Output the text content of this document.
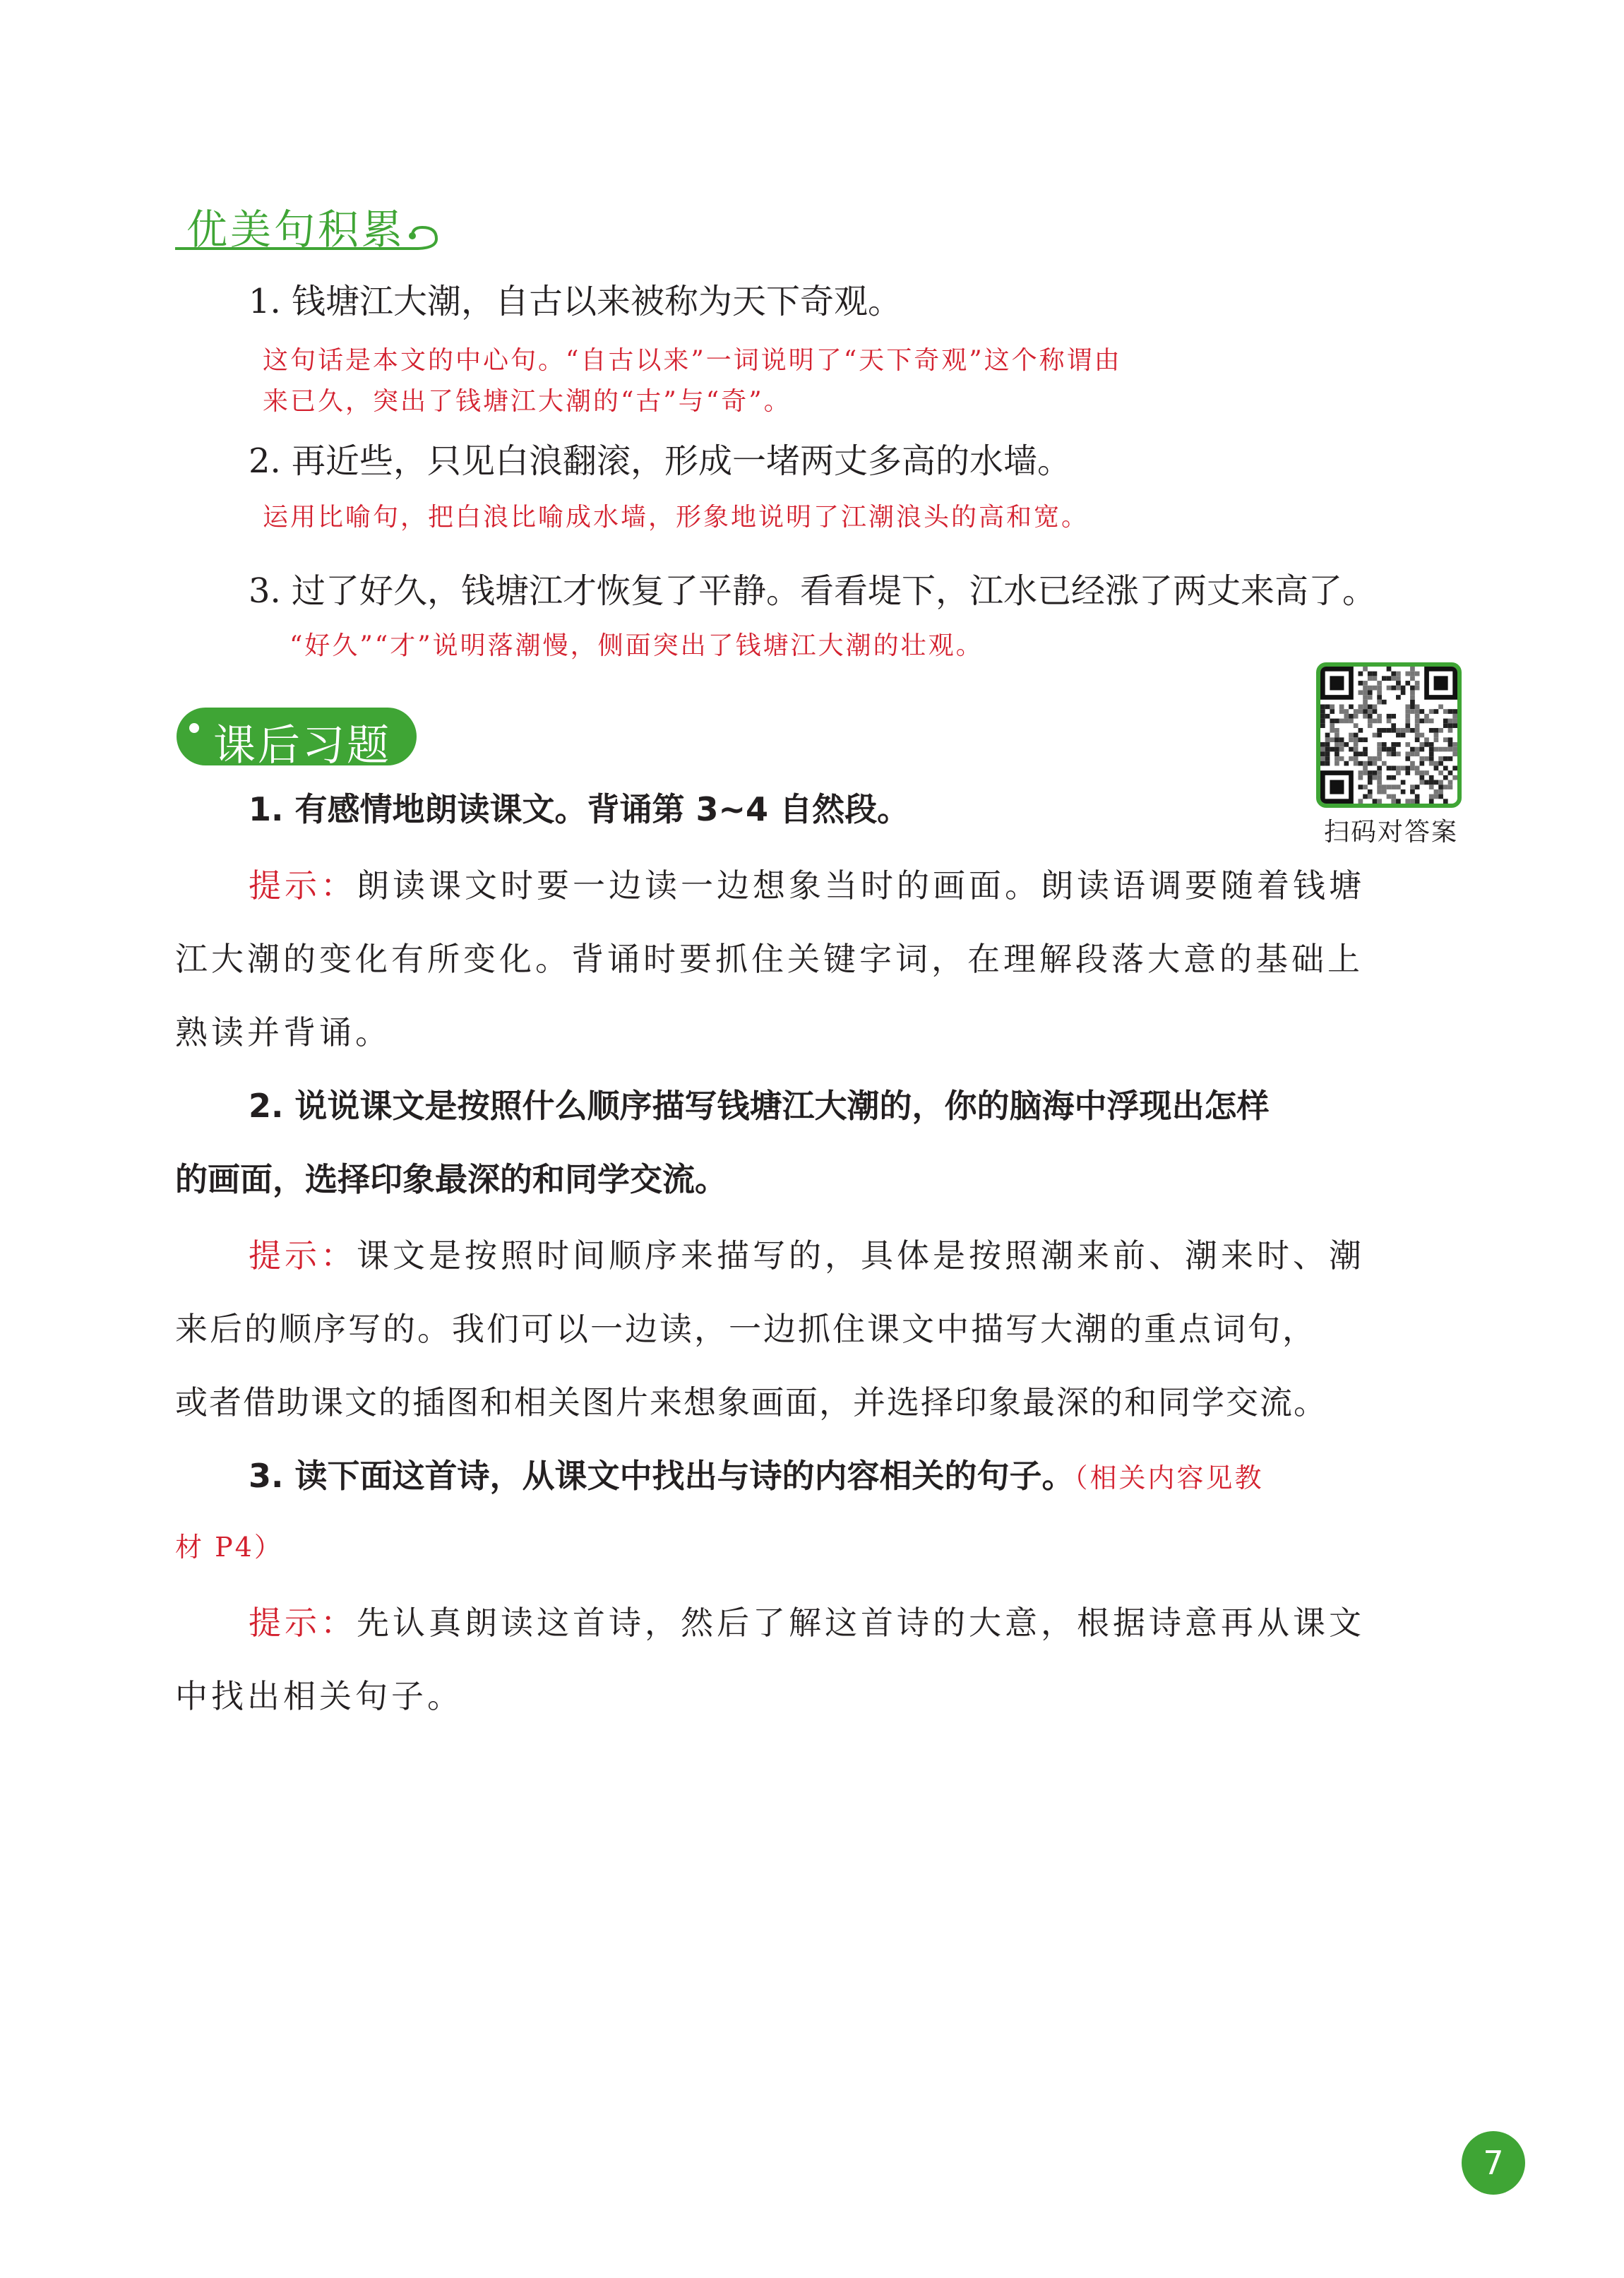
优美句积累
1. 钱塘江大潮，自古以来被称为天下奇观。
这句话是本文的中心句。“自古以来”一词说明了“天下奇观”这个称谓由
来已久，突出了钱塘江大潮的“古”与“奇”。
2. 再近些，只见白浪翻滚，形成一堵两丈多高的水墙。
运用比喻句，把白浪比喻成水墙，形象地说明了江潮浪头的高和宽。
3. 过了好久，钱塘江才恢复了平静。看看堤下，江水已经涨了两丈来高了。
“好久”“才”说明落潮慢，侧面突出了钱塘江大潮的壮观。
课后习题
扫码对答案
1. 有感情地朗读课文。背诵第 3~4 自然段。
提示：朗读课文时要一边读一边想象当时的画面。朗读语调要随着钱塘
江大潮的变化有所变化。背诵时要抓住关键字词，在理解段落大意的基础上
熟读并背诵。
2. 说说课文是按照什么顺序描写钱塘江大潮的，你的脑海中浮现出怎样
的画面，选择印象最深的和同学交流。
提示：课文是按照时间顺序来描写的，具体是按照潮来前、潮来时、潮
来后的顺序写的。我们可以一边读，一边抓住课文中描写大潮的重点词句，
或者借助课文的插图和相关图片来想象画面，并选择印象最深的和同学交流。
3. 读下面这首诗，从课文中找出与诗的内容相关的句子。（相关内容见教
材 P4）
提示：先认真朗读这首诗，然后了解这首诗的大意，根据诗意再从课文
中找出相关句子。
7
